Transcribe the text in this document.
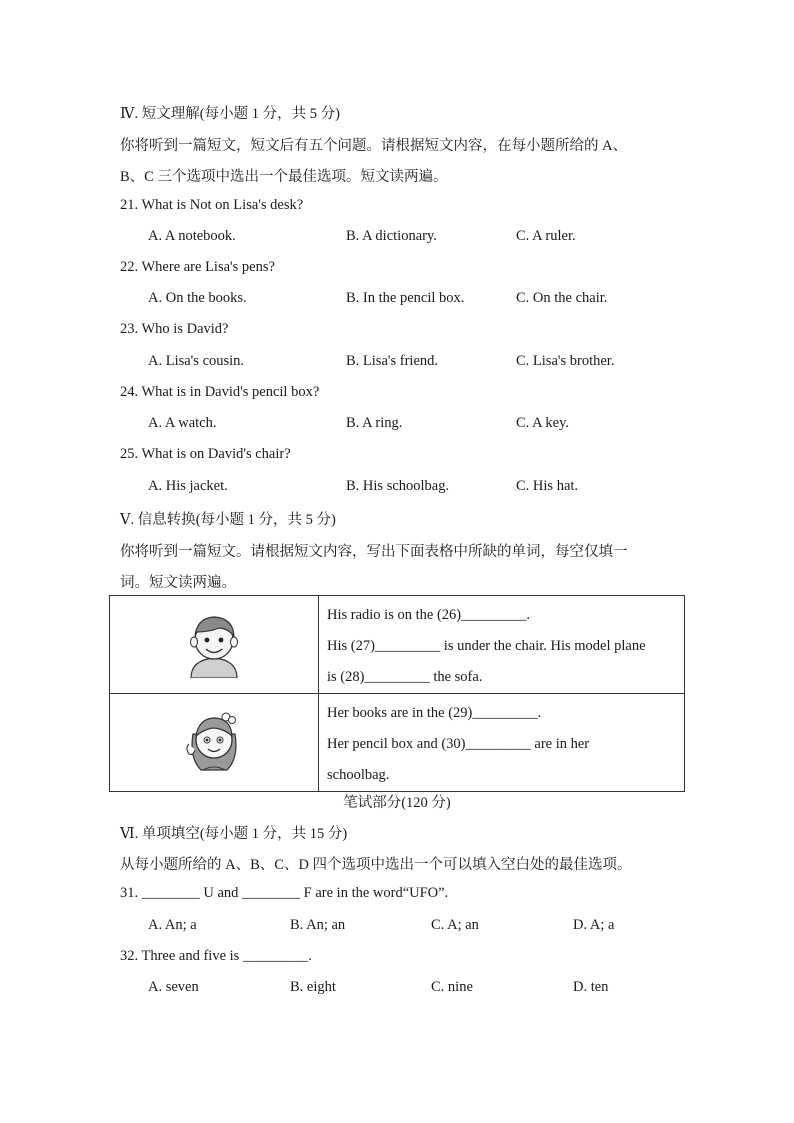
Ⅳ. 短文理解(每小题 1 分，共 5 分)
你将听到一篇短文，短文后有五个问题。请根据短文内容，在每小题所给的 A、
B、C 三个选项中选出一个最佳选项。短文读两遍。
21. What is Not on Lisa's desk?
A. A notebook.	B. A dictionary.	C. A ruler.
22. Where are Lisa's pens?
A. On the books.	B. In the pencil box.	C. On the chair.
23. Who is David?
A. Lisa's cousin.	B. Lisa's friend.	C. Lisa's brother.
24. What is in David's pencil box?
A. A watch.	B. A ring.	C. A key.
25. What is on David's chair?
A. His jacket.	B. His schoolbag.	C. His hat.
Ⅴ. 信息转换(每小题 1 分，共 5 分)
你将听到一篇短文。请根据短文内容，写出下面表格中所缺的单词，每空仅填一
词。短文读两遍。

His radio is on the (26)_________.
His (27)_________ is under the chair. His model plane
is (28)_________ the sofa.

Her books are in the (29)_________.
Her pencil box and (30)_________ are in her
schoolbag.
笔试部分(120 分)
Ⅵ. 单项填空(每小题 1 分，共 15 分)
从每小题所给的 A、B、C、D 四个选项中选出一个可以填入空白处的最佳选项。
31. ________ U and ________ F are in the word“UFO”.
A. An; a	B. An; an	C. A; an	D. A; a
32. Three and five is _________.
A. seven	B. eight	C. nine	D. ten
